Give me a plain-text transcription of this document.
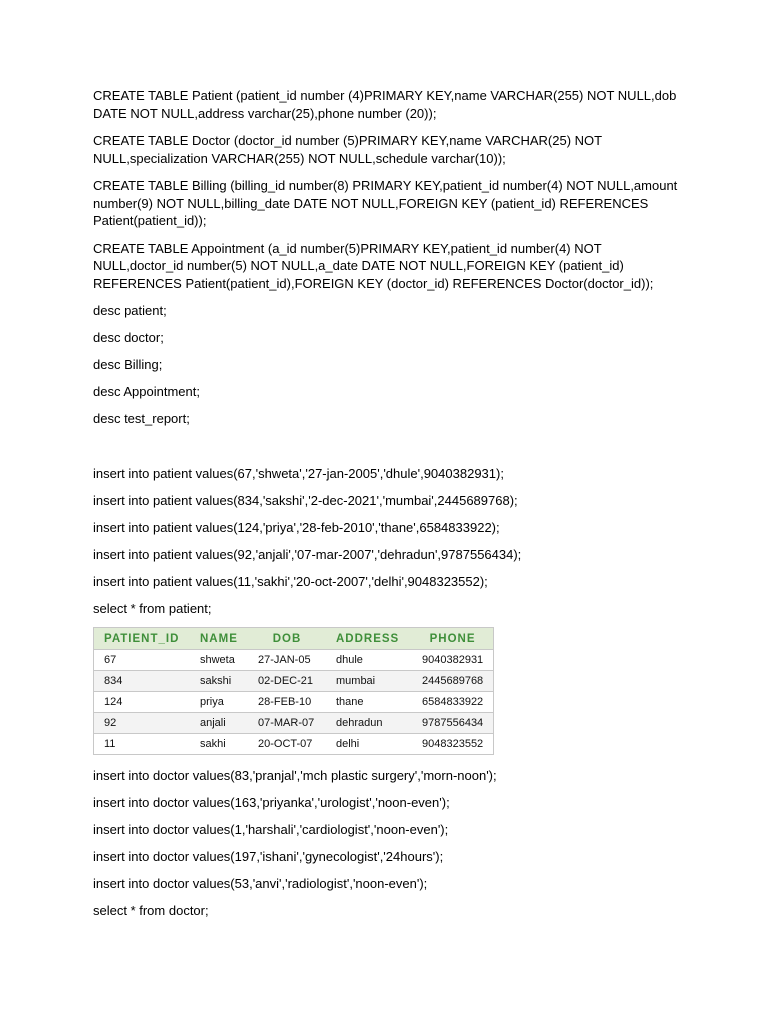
CREATE TABLE Patient (patient_id number (4)PRIMARY KEY,name VARCHAR(255) NOT NULL,dob DATE NOT NULL,address varchar(25),phone number (20));

CREATE TABLE Doctor (doctor_id number (5)PRIMARY KEY,name VARCHAR(25) NOT NULL,specialization VARCHAR(255) NOT NULL,schedule varchar(10));

CREATE TABLE Billing (billing_id number(8) PRIMARY KEY,patient_id number(4) NOT NULL,amount number(9) NOT NULL,billing_date DATE NOT NULL,FOREIGN KEY (patient_id) REFERENCES Patient(patient_id));

CREATE TABLE Appointment (a_id number(5)PRIMARY KEY,patient_id number(4) NOT NULL,doctor_id number(5) NOT NULL,a_date DATE NOT NULL,FOREIGN KEY (patient_id) REFERENCES Patient(patient_id),FOREIGN KEY (doctor_id) REFERENCES Doctor(doctor_id));

desc patient;

desc doctor;

desc Billing;

desc Appointment;

desc test_report;

insert into patient values(67,'shweta','27-jan-2005','dhule',9040382931);

insert into patient values(834,'sakshi','2-dec-2021','mumbai',2445689768);

insert into patient values(124,'priya','28-feb-2010','thane',6584833922);

insert into patient values(92,'anjali','07-mar-2007','dehradun',9787556434);

insert into patient values(11,'sakhi','20-oct-2007','delhi',9048323552);

select * from patient;

PATIENT_ID	NAME	DOB	ADDRESS	PHONE
67	shweta	27-JAN-05	dhule	9040382931
834	sakshi	02-DEC-21	mumbai	2445689768
124	priya	28-FEB-10	thane	6584833922
92	anjali	07-MAR-07	dehradun	9787556434
11	sakhi	20-OCT-07	delhi	9048323552

insert into doctor values(83,'pranjal','mch plastic surgery','morn-noon');

insert into doctor values(163,'priyanka','urologist','noon-even');

insert into doctor values(1,'harshali','cardiologist','noon-even');

insert into doctor values(197,'ishani','gynecologist','24hours');

insert into doctor values(53,'anvi','radiologist','noon-even');

select * from doctor;
